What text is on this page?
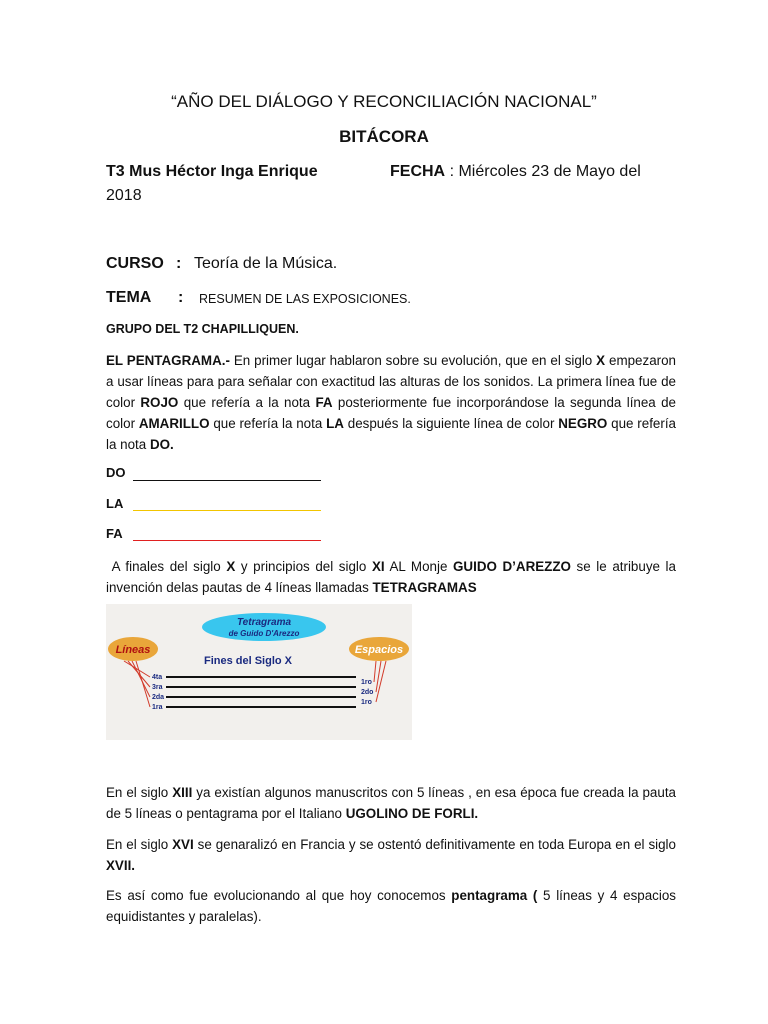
“AÑO DEL DIÁLOGO Y RECONCILIACIÓN NACIONAL”
BITÁCORA
T3 Mus Héctor Inga Enrique	FECHA : Miércoles 23 de Mayo del
2018
CURSO : Teoría de la Música.
TEMA : RESUMEN DE LAS EXPOSICIONES.
GRUPO DEL T2 CHAPILLIQUEN.
EL PENTAGRAMA.- En primer lugar hablaron sobre su evolución, que en el siglo X empezaron a usar líneas para para señalar con exactitud las alturas de los sonidos. La primera línea fue de color ROJO que refería a la nota FA posteriormente fue incorporándose la segunda línea de color AMARILLO que refería la nota LA después la siguiente línea de color NEGRO que refería la nota DO.
DO
LA
FA
A finales del siglo X y principios del siglo XI AL Monje GUIDO D’AREZZO se le atribuye la invención delas pautas de 4 líneas llamadas TETRAGRAMAS
Tetragrama
de Guido D'Arezzo
Fines del Siglo X
Líneas	Espacios
4ta
3ra
2da
1ra
1ro
2do
1ro
En el siglo XIII ya existían algunos manuscritos con 5 líneas , en esa época fue creada la pauta de 5 líneas o pentagrama por el Italiano UGOLINO DE FORLI.
En el siglo XVI se genaralizó en Francia y se ostentó definitivamente en toda Europa en el siglo XVII.
Es así como fue evolucionando al que hoy conocemos pentagrama ( 5 líneas y 4 espacios equidistantes y paralelas).
